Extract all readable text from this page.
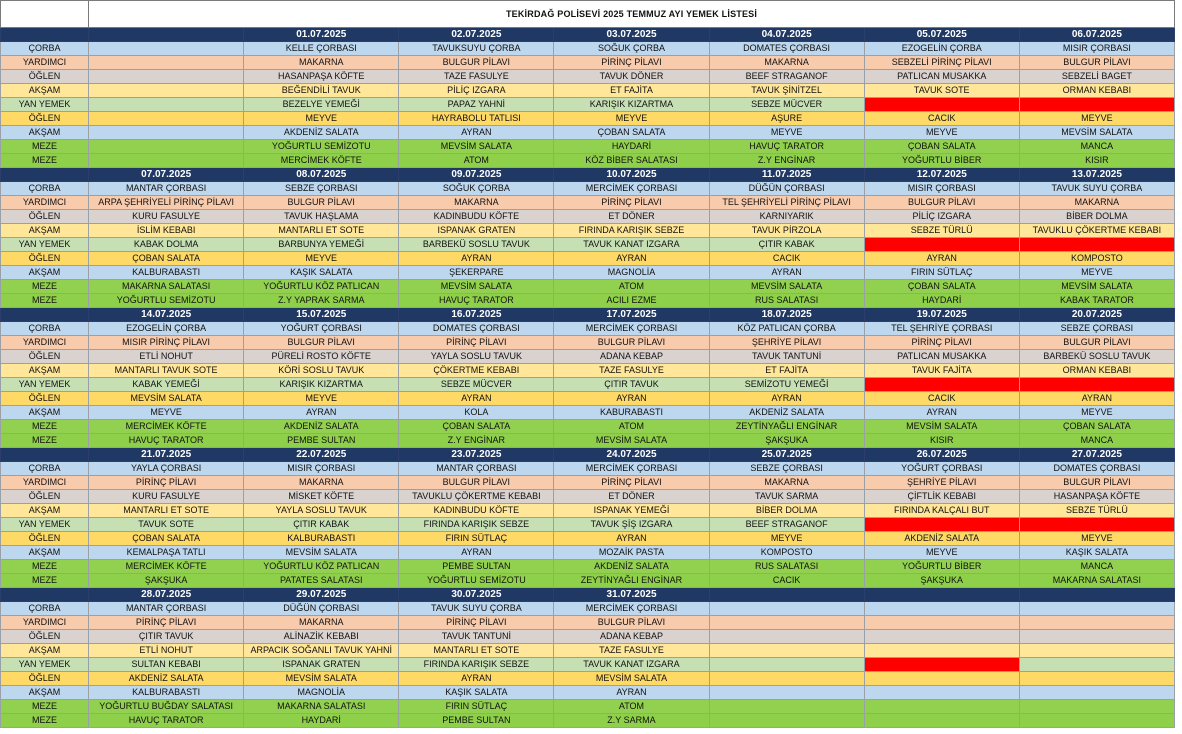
	TEKİRDAĞ POLİSEVİ 2025 TEMMUZ AYI YEMEK LİSTESİ						
		01.07.2025	02.07.2025	03.07.2025	04.07.2025	05.07.2025	06.07.2025
ÇORBA		KELLE ÇORBASI	TAVUKSUYU ÇORBA	SOĞUK ÇORBA	DOMATES ÇORBASI	EZOGELİN ÇORBA	MISIR ÇORBASI
YARDIMCI		MAKARNA	BULGUR PİLAVI	PİRİNÇ PİLAVI	MAKARNA	SEBZELİ PİRİNÇ PİLAVI	BULGUR PİLAVI
ÖĞLEN		HASANPAŞA KÖFTE	TAZE FASULYE	TAVUK DÖNER	BEEF STRAGANOF	PATLICAN MUSAKKA	SEBZELİ BAGET
AKŞAM		BEĞENDİLİ TAVUK	PİLİÇ IZGARA	ET FAJİTA	TAVUK ŞİNİTZEL	TAVUK SOTE	ORMAN KEBABI
YAN YEMEK		BEZELYE YEMEĞİ	PAPAZ YAHNİ	KARIŞIK KIZARTMA	SEBZE MÜCVER		
ÖĞLEN		MEYVE	HAYRABOLU TATLISI	MEYVE	AŞURE	CACIK	MEYVE
AKŞAM		AKDENİZ SALATA	AYRAN	ÇOBAN SALATA	MEYVE	MEYVE	MEVSİM SALATA
MEZE		YOĞURTLU SEMİZOTU	MEVSİM SALATA	HAYDARİ	HAVUÇ TARATOR	ÇOBAN SALATA	MANCA
MEZE		MERCİMEK KÖFTE	ATOM	KÖZ BİBER SALATASI	Z.Y ENGİNAR	YOĞURTLU BİBER	KISIR
	07.07.2025	08.07.2025	09.07.2025	10.07.2025	11.07.2025	12.07.2025	13.07.2025
ÇORBA	MANTAR ÇORBASI	SEBZE ÇORBASI	SOĞUK ÇORBA	MERCİMEK ÇORBASI	DÜĞÜN ÇORBASI	MISIR ÇORBASI	TAVUK SUYU ÇORBA
YARDIMCI	ARPA ŞEHRİYELİ PİRİNÇ PİLAVI	BULGUR PİLAVI	MAKARNA	PİRİNÇ PİLAVI	TEL ŞEHRİYELİ PİRİNÇ PİLAVI	BULGUR PİLAVI	MAKARNA
ÖĞLEN	KURU FASULYE	TAVUK HAŞLAMA	KADINBUDU KÖFTE	ET DÖNER	KARNIYARIK	PİLİÇ IZGARA	BİBER DOLMA
AKŞAM	İSLİM KEBABI	MANTARLI ET SOTE	ISPANAK GRATEN	FIRINDA KARIŞIK SEBZE	TAVUK PİRZOLA	SEBZE TÜRLÜ	TAVUKLU ÇÖKERTME KEBABI
YAN YEMEK	KABAK DOLMA	BARBUNYA YEMEĞİ	BARBEKÜ SOSLU TAVUK	TAVUK KANAT IZGARA	ÇITIR KABAK		
ÖĞLEN	ÇOBAN SALATA	MEYVE	AYRAN	AYRAN	CACIK	AYRAN	KOMPOSTO
AKŞAM	KALBURABASTI	KAŞIK SALATA	ŞEKERPARE	MAGNOLİA	AYRAN	FIRIN SÜTLAÇ	MEYVE
MEZE	MAKARNA SALATASI	YOĞURTLU KÖZ PATLICAN	MEVSİM SALATA	ATOM	MEVSİM SALATA	ÇOBAN SALATA	MEVSİM SALATA
MEZE	YOĞURTLU SEMİZOTU	Z.Y YAPRAK SARMA	HAVUÇ TARATOR	ACILI EZME	RUS SALATASI	HAYDARİ	KABAK TARATOR
	14.07.2025	15.07.2025	16.07.2025	17.07.2025	18.07.2025	19.07.2025	20.07.2025
ÇORBA	EZOGELİN ÇORBA	YOĞURT ÇORBASI	DOMATES ÇORBASI	MERCİMEK ÇORBASI	KÖZ PATLICAN ÇORBA	TEL ŞEHRİYE ÇORBASI	SEBZE ÇORBASI
YARDIMCI	MISIR PİRİNÇ PİLAVI	BULGUR PİLAVI	PİRİNÇ PİLAVI	BULGUR PİLAVI	ŞEHRİYE PİLAVI	PİRİNÇ PİLAVI	BULGUR PİLAVI
ÖĞLEN	ETLİ NOHUT	PÜRELİ ROSTO KÖFTE	YAYLA SOSLU TAVUK	ADANA KEBAP	TAVUK TANTUNİ	PATLICAN MUSAKKA	BARBEKÜ SOSLU TAVUK
AKŞAM	MANTARLI TAVUK SOTE	KÖRİ SOSLU TAVUK	ÇÖKERTME KEBABI	TAZE FASULYE	ET FAJİTA	TAVUK FAJİTA	ORMAN KEBABI
YAN YEMEK	KABAK YEMEĞİ	KARIŞIK KIZARTMA	SEBZE MÜCVER	ÇITIR TAVUK	SEMİZOTU YEMEĞİ		
ÖĞLEN	MEVSİM SALATA	MEYVE	AYRAN	AYRAN	AYRAN	CACIK	AYRAN
AKŞAM	MEYVE	AYRAN	KOLA	KABURABASTI	AKDENİZ SALATA	AYRAN	MEYVE
MEZE	MERCİMEK KÖFTE	AKDENİZ SALATA	ÇOBAN SALATA	ATOM	ZEYTİNYAĞLI ENGİNAR	MEVSİM SALATA	ÇOBAN SALATA
MEZE	HAVUÇ TARATOR	PEMBE SULTAN	Z.Y ENGİNAR	MEVSİM SALATA	ŞAKŞUKA	KISIR	MANCA
	21.07.2025	22.07.2025	23.07.2025	24.07.2025	25.07.2025	26.07.2025	27.07.2025
ÇORBA	YAYLA ÇORBASI	MISIR ÇORBASI	MANTAR ÇORBASI	MERCİMEK ÇORBASI	SEBZE ÇORBASI	YOĞURT ÇORBASI	DOMATES ÇORBASI
YARDIMCI	PİRİNÇ PİLAVI	MAKARNA	BULGUR PİLAVI	PİRİNÇ PİLAVI	MAKARNA	ŞEHRİYE PİLAVI	BULGUR PİLAVI
ÖĞLEN	KURU FASULYE	MİSKET KÖFTE	TAVUKLU ÇÖKERTME KEBABI	ET DÖNER	TAVUK SARMA	ÇİFTLİK KEBABI	HASANPAŞA KÖFTE
AKŞAM	MANTARLI ET SOTE	YAYLA SOSLU TAVUK	KADINBUDU KÖFTE	ISPANAK YEMEĞİ	BİBER DOLMA	FIRINDA KALÇALI BUT	SEBZE TÜRLÜ
YAN YEMEK	TAVUK SOTE	ÇITIR KABAK	FIRINDA KARIŞIK SEBZE	TAVUK ŞİŞ IZGARA	BEEF STRAGANOF		
ÖĞLEN	ÇOBAN SALATA	KALBURABASTI	FIRIN SÜTLAÇ	AYRAN	MEYVE	AKDENİZ SALATA	MEYVE
AKŞAM	KEMALPAŞA TATLI	MEVSİM SALATA	AYRAN	MOZAİK PASTA	KOMPOSTO	MEYVE	KAŞIK SALATA
MEZE	MERCİMEK KÖFTE	YOĞURTLU KÖZ PATLICAN	PEMBE SULTAN	AKDENİZ SALATA	RUS SALATASI	YOĞURTLU BİBER	MANCA
MEZE	ŞAKŞUKA	PATATES SALATASI	YOĞURTLU SEMİZOTU	ZEYTİNYAĞLI ENGİNAR	CACIK	ŞAKŞUKA	MAKARNA SALATASI
	28.07.2025	29.07.2025	30.07.2025	31.07.2025			
ÇORBA	MANTAR ÇORBASI	DÜĞÜN ÇORBASI	TAVUK SUYU ÇORBA	MERCİMEK ÇORBASI			
YARDIMCI	PİRİNÇ PİLAVI	MAKARNA	PİRİNÇ PİLAVI	BULGUR PİLAVI			
ÖĞLEN	ÇITIR TAVUK	ALİNAZİK KEBABI	TAVUK TANTUNİ	ADANA KEBAP			
AKŞAM	ETLİ NOHUT	ARPACIK SOĞANLI TAVUK YAHNİ	MANTARLI ET SOTE	TAZE FASULYE			
YAN YEMEK	SULTAN KEBABI	ISPANAK GRATEN	FIRINDA KARIŞIK SEBZE	TAVUK KANAT IZGARA			
ÖĞLEN	AKDENİZ SALATA	MEVSİM SALATA	AYRAN	MEVSİM SALATA			
AKŞAM	KALBURABASTI	MAGNOLİA	KAŞIK SALATA	AYRAN			
MEZE	YOĞURTLU BUĞDAY SALATASI	MAKARNA SALATASI	FIRIN SÜTLAÇ	ATOM			
MEZE	HAVUÇ TARATOR	HAYDARİ	PEMBE SULTAN	Z.Y SARMA			
